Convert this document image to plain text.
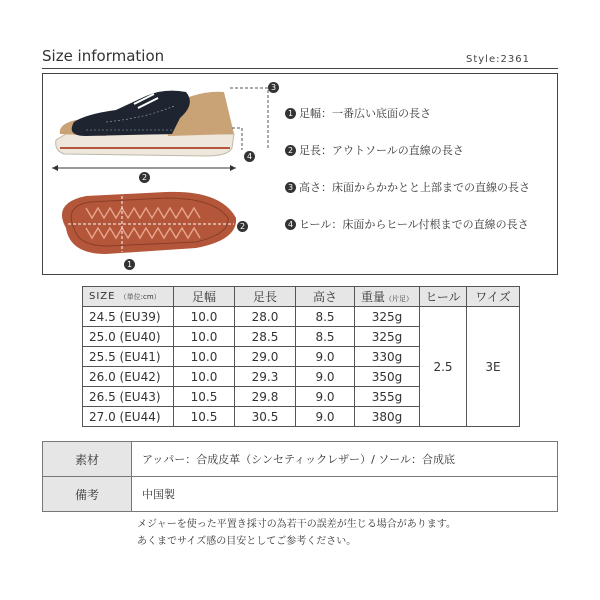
Size information	Style:2361
3
4
2
2
1
1 足幅：一番広い底面の長さ
2 足長：アウトソールの直線の長さ
3 高さ：床面からかかとと上部までの直線の長さ
4 ヒール：床面からヒール付根までの直線の長さ
SIZE （単位:cm）	足幅	足長	高さ	重量（片足）	ヒール	ワイズ
24.5 (EU39)	10.0	28.0	8.5	325g	2.5	3E
25.0 (EU40)	10.0	28.5	8.5	325g		
25.5 (EU41)	10.0	29.0	9.0	330g		
26.0 (EU42)	10.0	29.3	9.0	350g		
26.5 (EU43)	10.5	29.8	9.0	355g		
27.0 (EU44)	10.5	30.5	9.0	380g		
素材	アッパー：合成皮革（シンセティックレザー）/ ソール：合成底
備考	中国製
メジャーを使った平置き採寸の為若干の誤差が生じる場合があります。
あくまでサイズ感の目安としてご参考ください。
